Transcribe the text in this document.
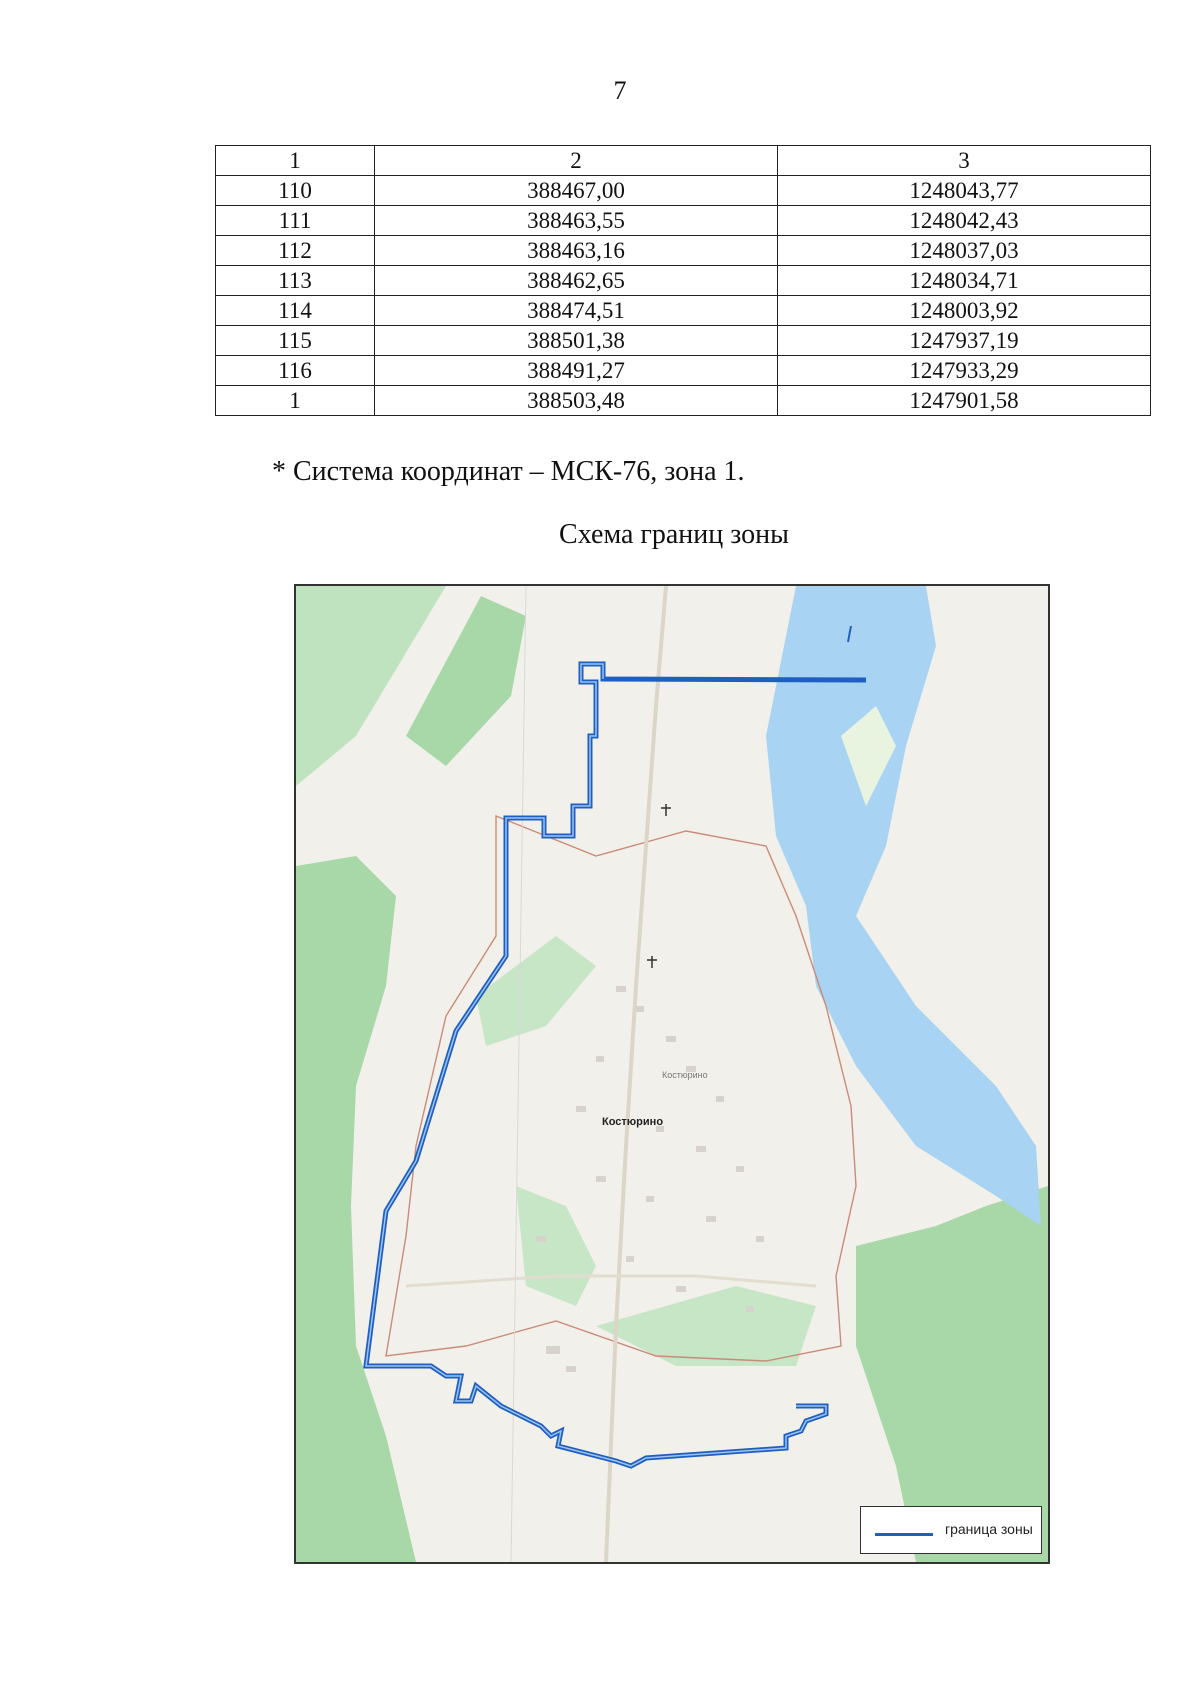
7
1	2	3
110	388467,00	1248043,77
111	388463,55	1248042,43
112	388463,16	1248037,03
113	388462,65	1248034,71
114	388474,51	1248003,92
115	388501,38	1247937,19
116	388491,27	1247933,29
1	388503,48	1247901,58
* Система координат – МСК-76, зона 1.
Схема границ зоны
Костюрино
Костюрино
граница зоны
